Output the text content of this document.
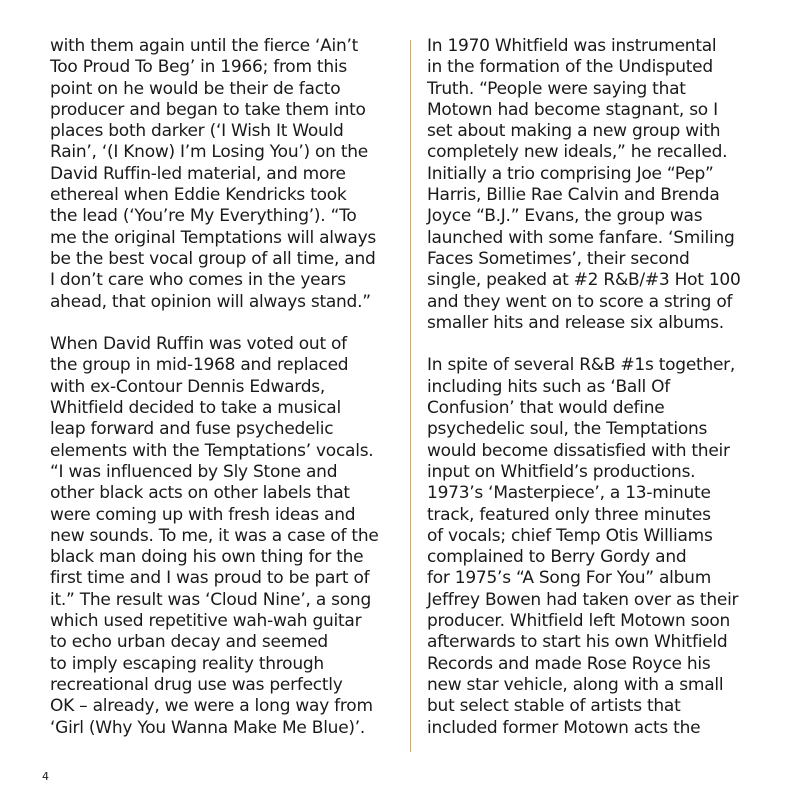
with them again until the fierce ‘Ain’t
Too Proud To Beg’ in 1966; from this
point on he would be their de facto
producer and began to take them into
places both darker (‘I Wish It Would
Rain’, ‘(I Know) I’m Losing You’) on the
David Ruffin-led material, and more
ethereal when Eddie Kendricks took
the lead (‘You’re My Everything’). “To
me the original Temptations will always
be the best vocal group of all time, and
I don’t care who comes in the years
ahead, that opinion will always stand.”

When David Ruffin was voted out of
the group in mid-1968 and replaced
with ex-Contour Dennis Edwards,
Whitfield decided to take a musical
leap forward and fuse psychedelic
elements with the Temptations’ vocals.
“I was influenced by Sly Stone and
other black acts on other labels that
were coming up with fresh ideas and
new sounds. To me, it was a case of the
black man doing his own thing for the
first time and I was proud to be part of
it.” The result was ‘Cloud Nine’, a song
which used repetitive wah-wah guitar
to echo urban decay and seemed
to imply escaping reality through
recreational drug use was perfectly
OK – already, we were a long way from
‘Girl (Why You Wanna Make Me Blue)’.

In 1970 Whitfield was instrumental
in the formation of the Undisputed
Truth. “People were saying that
Motown had become stagnant, so I
set about making a new group with
completely new ideals,” he recalled.
Initially a trio comprising Joe “Pep”
Harris, Billie Rae Calvin and Brenda
Joyce “B.J.” Evans, the group was
launched with some fanfare. ‘Smiling
Faces Sometimes’, their second
single, peaked at #2 R&B/#3 Hot 100
and they went on to score a string of
smaller hits and release six albums.

In spite of several R&B #1s together,
including hits such as ‘Ball Of
Confusion’ that would define
psychedelic soul, the Temptations
would become dissatisfied with their
input on Whitfield’s productions.
1973’s ‘Masterpiece’, a 13-minute
track, featured only three minutes
of vocals; chief Temp Otis Williams
complained to Berry Gordy and
for 1975’s “A Song For You” album
Jeffrey Bowen had taken over as their
producer. Whitfield left Motown soon
afterwards to start his own Whitfield
Records and made Rose Royce his
new star vehicle, along with a small
but select stable of artists that
included former Motown acts the

4
